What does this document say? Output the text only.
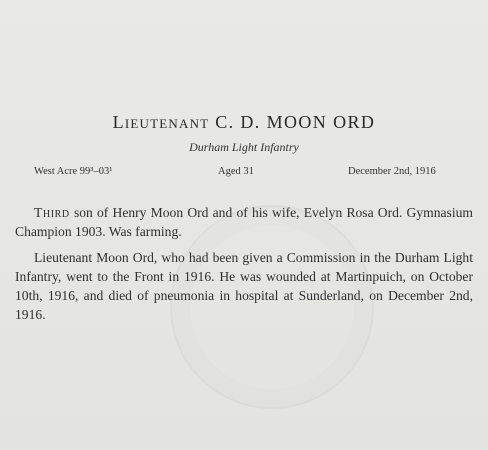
Lieutenant C. D. MOON ORD
Durham Light Infantry
West Acre 99³–03¹	Aged 31	December 2nd, 1916
Third son of Henry Moon Ord and of his wife, Evelyn Rosa Ord. Gymnasium Champion 1903. Was farming.
Lieutenant Moon Ord, who had been given a Commission in the Durham Light Infantry, went to the Front in 1916. He was wounded at Martinpuich, on October 10th, 1916, and died of pneumonia in hospital at Sunderland, on December 2nd, 1916.
